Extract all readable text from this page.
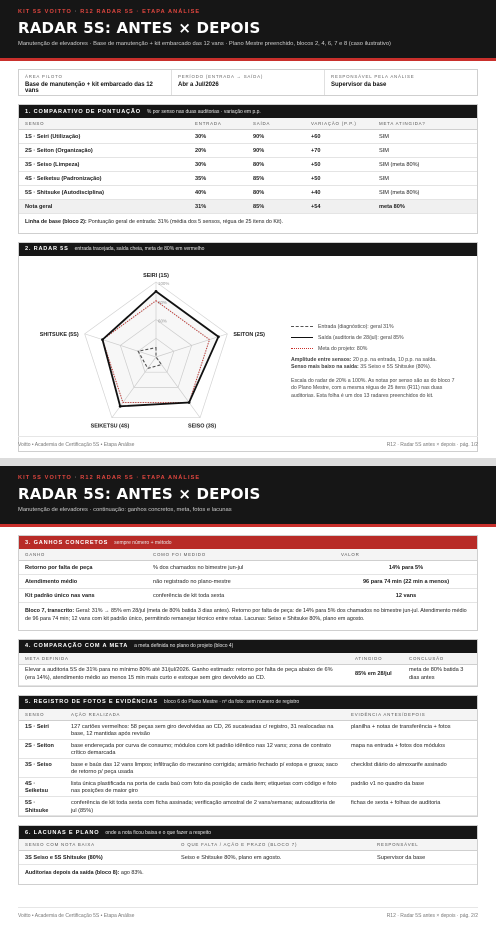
KIT 5S VOITTO · R12 RADAR 5S · ETAPA ANÁLISE
RADAR 5S: ANTES × DEPOIS
Manutenção de elevadores · Base de manutenção + kit embarcado das 12 vans · Plano Mestre preenchido, blocos 2, 4, 6, 7 e 8 (caso ilustrativo)
ÁREA PILOTO
Base de manutenção + kit embarcado das 12 vans
PERÍODO (ENTRADA → SAÍDA)
Abr a Jul/2026
RESPONSÁVEL PELA ANÁLISE
Supervisor da base
1. COMPARATIVO DE PONTUAÇÃO % por senso nas duas auditorias · variação em p.p.
SENSO	ENTRADA	SAÍDA	VARIAÇÃO (P.P.)	META ATINGIDA?
1S · Seiri (Utilização)	30%	90%	+60	SIM
2S · Seiton (Organização)	20%	90%	+70	SIM
3S · Seiso (Limpeza)	30%	80%	+50	SIM (meta 80%)
4S · Seiketsu (Padronização)	35%	85%	+50	SIM
5S · Shitsuke (Autodisciplina)	40%	80%	+40	SIM (meta 80%)
Nota geral	31%	85%	+54	meta 80%
Linha de base (bloco 2): Pontuação geral de entrada: 31% (média dos 5 sensos, régua de 25 itens do Kit).
2. RADAR 5S entrada tracejada, saída cheia, meta de 80% em vermelho
100%
SEIRI (1S)
SEITON (2S)
SEISO (3S)
SEIKETSU (4S)
SHITSUKE (5S)
Entrada (diagnóstico): geral 31%
Saída (auditoria de 28/jul): geral 85%
Meta do projeto: 80%
Amplitude entre sensos: 20 p.p. na entrada, 10 p.p. na saída.
Senso mais baixo na saída: 3S Seiso e 5S Shitsuke (80%).
Escala do radar de 20% a 100%. As notas por senso são as do bloco 7 do Plano Mestre, com a mesma régua de 25 itens (R11) nas duas auditorias. Esta folha é um dos 13 radares preenchidos do kit.
Voitto • Academia de Certificação 5S • Etapa Análise	R12 · Radar 5S antes × depois · pág. 1/2
KIT 5S VOITTO · R12 RADAR 5S · ETAPA ANÁLISE
RADAR 5S: ANTES × DEPOIS
Manutenção de elevadores · continuação: ganhos concretos, meta, fotos e lacunas
3. GANHOS CONCRETOS sempre número + método
GANHO	COMO FOI MEDIDO	VALOR
Retorno por falta de peça	% dos chamados no bimestre jun-jul	14% para 5%
Atendimento médio	não registrado no plano-mestre	96 para 74 min (22 min a menos)
Kit padrão único nas vans	conferência de kit toda sexta	12 vans
Bloco 7, transcrito: Geral: 31% → 85% em 28/jul (meta de 80% batida 3 dias antes). Retorno por falta de peça: de 14% para 5% dos chamados no bimestre jun-jul. Atendimento médio de 96 para 74 min; 12 vans com kit padrão único, permitindo remanejar técnico entre rotas. Lacunas: Seiso e Shitsuke 80%, plano em agosto.
4. COMPARAÇÃO COM A META a meta definida no plano do projeto (bloco 4)
META DEFINIDA	ATINGIDO	CONCLUSÃO
Elevar a auditoria 5S de 31% para no mínimo 80% até 31/jul/2026. Ganho estimado: retorno por falta de peça abaixo de 6% (era 14%), atendimento médio ao menos 15 min mais curto e estoque sem giro devolvido ao CD.	85% em 28/jul	meta de 80% batida 3 dias antes
5. REGISTRO DE FOTOS E EVIDÊNCIAS bloco 6 do Plano Mestre · nº da foto: sem número de registro
SENSO	AÇÃO REALIZADA	EVIDÊNCIA ANTES/DEPOIS
1S · Seiri	127 cartões vermelhos: 58 peças sem giro devolvidas ao CD, 26 sucateadas c/ registro, 31 realocadas na base, 12 mantidas após revisão	planilha + notas de transferência + fotos
2S · Seiton	base endereçada por curva de consumo; módulos com kit padrão idêntico nas 12 vans; zona de contrato crítico demarcada	mapa na entrada + fotos dos módulos
3S · Seiso	base e baús das 12 vans limpos; infiltração do mezanino corrigida; armário fechado p/ estopa e graxa; saco de retorno p/ peça usada	checklist diário do almoxarife assinado
4S · Seiketsu	lista única plastificada na porta de cada baú com foto da posição de cada item; etiquetas com código e foto nas posições de maior giro	padrão v1 no quadro da base
5S · Shitsuke	conferência de kit toda sexta com ficha assinada; verificação amostral de 2 vans/semana; autoauditoria de jul (85%)	fichas de sexta + folhas de auditoria
6. LACUNAS E PLANO onde a nota ficou baixa e o que fazer a respeito
SENSO COM NOTA BAIXA	O QUE FALTA / AÇÃO E PRAZO (BLOCO 7)	RESPONSÁVEL
3S Seiso e 5S Shitsuke (80%)	Seiso e Shitsuke 80%, plano em agosto.	Supervisor da base
Auditorias depois da saída (bloco 8): ago 83%.
Voitto • Academia de Certificação 5S • Etapa Análise	R12 · Radar 5S antes × depois · pág. 2/2
